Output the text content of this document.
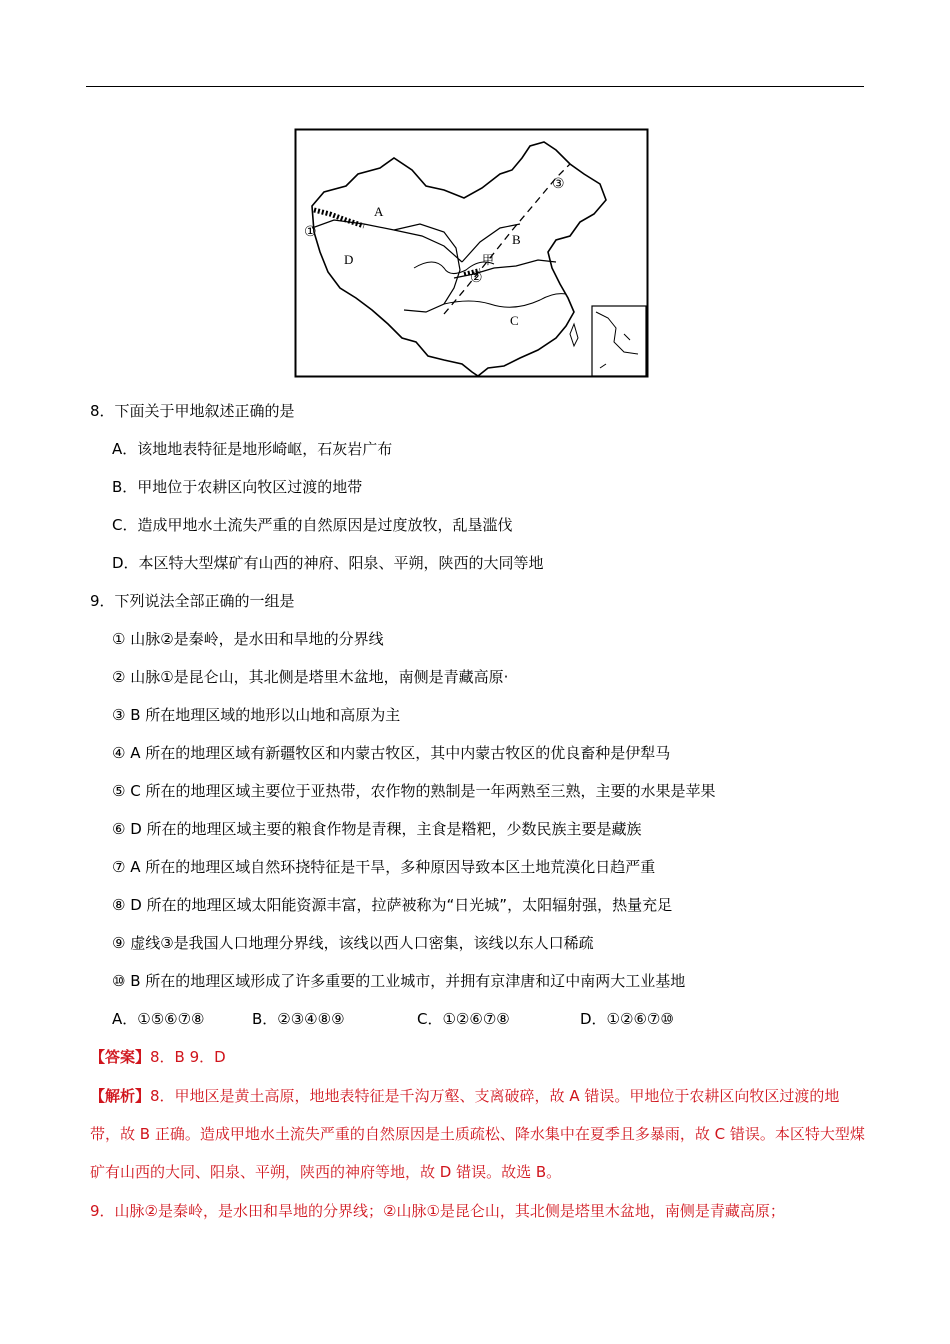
A
B
C
D	甲
①
②
③
8．下面关于甲地叙述正确的是
A．该地地表特征是地形崎岖，石灰岩广布
B．甲地位于农耕区向牧区过渡的地带
C．造成甲地水土流失严重的自然原因是过度放牧，乱垦滥伐
D．本区特大型煤矿有山西的神府、阳泉、平朔，陕西的大同等地
9．下列说法全部正确的一组是
① 山脉②是秦岭，是水田和旱地的分界线
② 山脉①是昆仑山，其北侧是塔里木盆地，南侧是青藏高原·
③ B 所在地理区域的地形以山地和高原为主
④ A 所在的地理区域有新疆牧区和内蒙古牧区，其中内蒙古牧区的优良畜种是伊犁马
⑤ C 所在的地理区域主要位于亚热带，农作物的熟制是一年两熟至三熟，主要的水果是苹果
⑥ D 所在的地理区域主要的粮食作物是青稞，主食是糌粑，少数民族主要是藏族
⑦ A 所在的地理区域自然环挠特征是干旱，多种原因导致本区土地荒漠化日趋严重
⑧ D 所在的地理区域太阳能资源丰富，拉萨被称为“日光城”，太阳辐射强，热量充足
⑨ 虚线③是我国人口地理分界线，该线以西人口密集，该线以东人口稀疏
⑩ B 所在的地理区域形成了许多重要的工业城市，并拥有京津唐和辽中南两大工业基地
A．①⑤⑥⑦⑧	B．②③④⑧⑨	C．①②⑥⑦⑧	D．①②⑥⑦⑩
【答案】8．B 9．D
【解析】8．甲地区是黄土高原，地地表特征是千沟万壑、支离破碎，故 A 错误。甲地位于农耕区向牧区过渡的地带，故 B 正确。造成甲地水土流失严重的自然原因是土质疏松、降水集中在夏季且多暴雨，故 C 错误。本区特大型煤矿有山西的大同、阳泉、平朔，陕西的神府等地，故 D 错误。故选 B。
9．山脉②是秦岭，是水田和旱地的分界线；②山脉①是昆仑山，其北侧是塔里木盆地，南侧是青藏高原；
